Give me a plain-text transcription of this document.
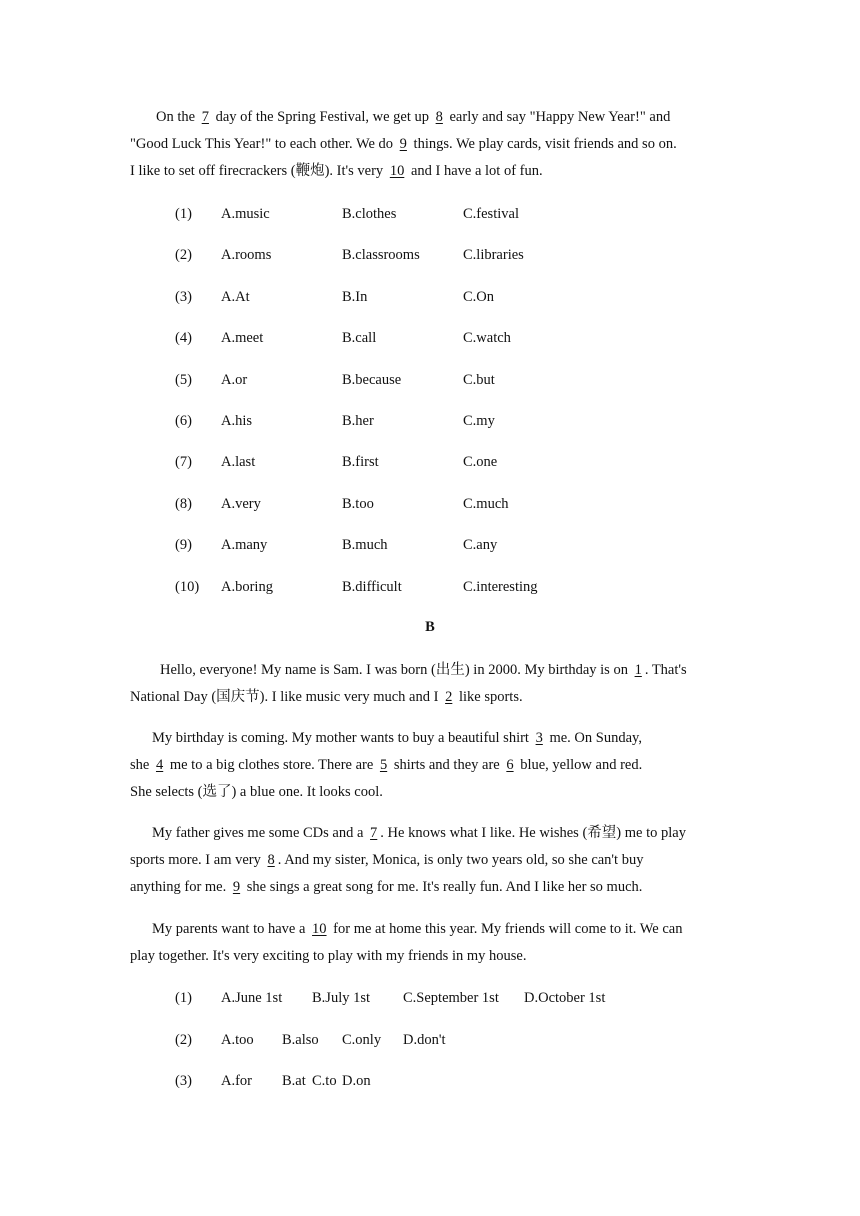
On the 7 day of the Spring Festival, we get up 8 early and say "Happy New Year!" and
"Good Luck This Year!" to each other. We do 9 things. We play cards, visit friends and so on.
I like to set off firecrackers (鞭炮). It's very 10 and I have a lot of fun.
(1) A.music	B.clothes	C.festival
(2) A.rooms	B.classrooms	C.libraries
(3) A.At	B.In	C.On
(4) A.meet	B.call	C.watch
(5) A.or	B.because	C.but
(6) A.his	B.her	C.my
(7) A.last	B.first	C.one
(8) A.very	B.too	C.much
(9) A.many	B.much	C.any
(10) A.boring	B.difficult	C.interesting
B
Hello, everyone! My name is Sam. I was born (出生) in 2000. My birthday is on 1 . That's
National Day (国庆节). I like music very much and I 2 like sports.
My birthday is coming. My mother wants to buy a beautiful shirt 3 me. On Sunday,
she 4 me to a big clothes store. There are 5 shirts and they are 6 blue, yellow and red.
She selects (选了) a blue one. It looks cool.
My father gives me some CDs and a 7 . He knows what I like. He wishes (希望) me to play
sports more. I am very 8 . And my sister, Monica, is only two years old, so she can't buy
anything for me. 9 she sings a great song for me. It's really fun. And I like her so much.
My parents want to have a 10 for me at home this year. My friends will come to it. We can
play together. It's very exciting to play with my friends in my house.
(1) A.June 1st B.July 1st C.September 1st D.October 1st
(2) A.too B.also C.only D.don't
(3) A.for B.at C.to D.on
